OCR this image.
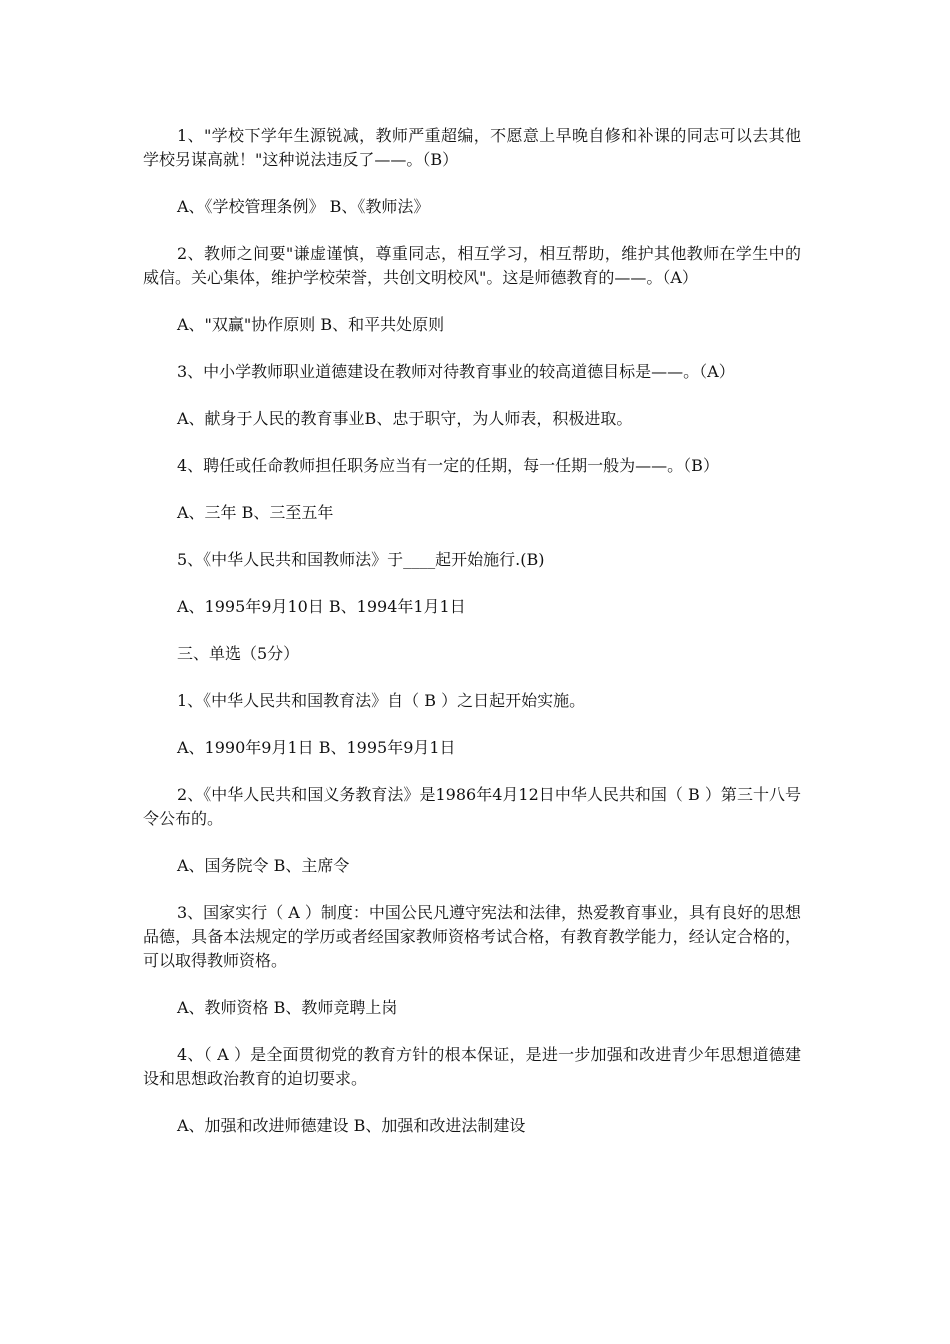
1、"学校下学年生源锐减，教师严重超编，不愿意上早晚自修和补课的同志可以去其他学校另谋高就！"这种说法违反了——。（B）

A、《学校管理条例》 B、《教师法》

2、教师之间要"谦虚谨慎，尊重同志，相互学习，相互帮助，维护其他教师在学生中的威信。关心集体，维护学校荣誉，共创文明校风"。这是师德教育的——。（A）

A、"双赢"协作原则 B、和平共处原则

3、中小学教师职业道德建设在教师对待教育事业的较高道德目标是——。（A）

A、献身于人民的教育事业B、忠于职守，为人师表，积极进取。

4、聘任或任命教师担任职务应当有一定的任期，每一任期一般为——。（B）

A、三年 B、三至五年

5、《中华人民共和国教师法》于____起开始施行.(B)

A、1995年9月10日 B、1994年1月1日

三、单选（5分）

1、《中华人民共和国教育法》自（ B ）之日起开始实施。

A、1990年9月1日 B、1995年9月1日

2、《中华人民共和国义务教育法》是1986年4月12日中华人民共和国（ B ）第三十八号令公布的。

A、国务院令 B、主席令

3、国家实行（ A ）制度：中国公民凡遵守宪法和法律，热爱教育事业，具有良好的思想品德，具备本法规定的学历或者经国家教师资格考试合格，有教育教学能力，经认定合格的，可以取得教师资格。

A、教师资格 B、教师竞聘上岗

4、（ A ）是全面贯彻党的教育方针的根本保证，是进一步加强和改进青少年思想道德建设和思想政治教育的迫切要求。

A、加强和改进师德建设 B、加强和改进法制建设
